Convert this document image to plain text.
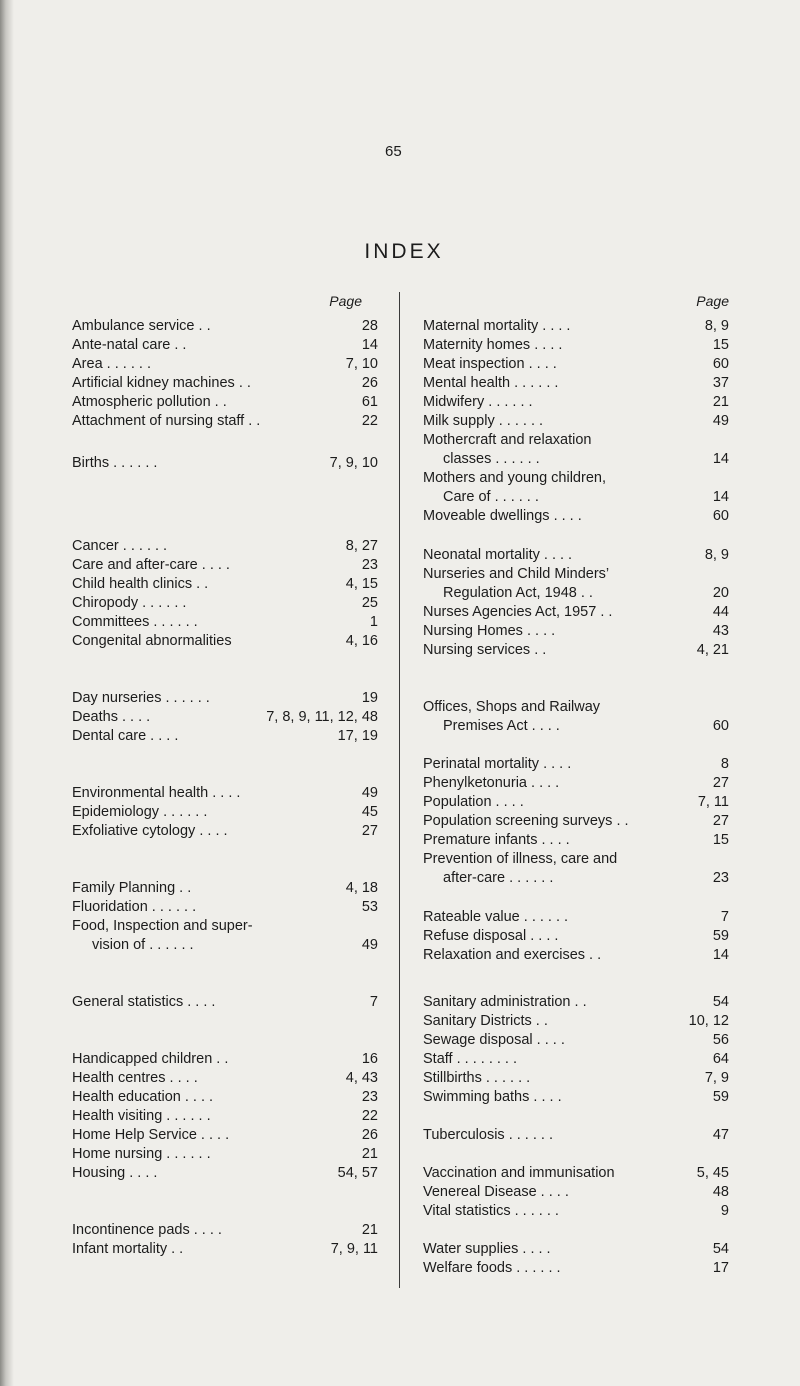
65
INDEX
Page
Ambulance service . .	28
Ante-natal care . .	14
Area . . . . . .	7, 10
Artificial kidney machines . .	26
Atmospheric pollution . .	61
Attachment of nursing staff . .	22
Births . . . . . .	7, 9, 10
Cancer . . . . . .	8, 27
Care and after-care . . . .	23
Child health clinics . .	4, 15
Chiropody . . . . . .	25
Committees . . . . . .	1
Congenital abnormalities	4, 16
Day nurseries . . . . . .	19
Deaths . . . .	7, 8, 9, 11, 12, 48
Dental care . . . .	17, 19
Environmental health . . . .	49
Epidemiology . . . . . .	45
Exfoliative cytology . . . .	27
Family Planning . .	4, 18
Fluoridation . . . . . .	53
Food, Inspection and super-
vision of . . . . . .	49
General statistics . . . .	7
Handicapped children . .	16
Health centres . . . .	4, 43
Health education . . . .	23
Health visiting . . . . . .	22
Home Help Service . . . .	26
Home nursing . . . . . .	21
Housing . . . .	54, 57
Incontinence pads . . . .	21
Infant mortality . .	7, 9, 11
Page
Maternal mortality . . . .	8, 9
Maternity homes . . . .	15
Meat inspection . . . .	60
Mental health . . . . . .	37
Midwifery . . . . . .	21
Milk supply . . . . . .	49
Mothercraft and relaxation
classes . . . . . .	14
Mothers and young children,
Care of . . . . . .	14
Moveable dwellings . . . .	60
Neonatal mortality . . . .	8, 9
Nurseries and Child Minders’
Regulation Act, 1948 . .	20
Nurses Agencies Act, 1957 . .	44
Nursing Homes . . . .	43
Nursing services . .	4, 21
Offices, Shops and Railway
Premises Act . . . .	60
Perinatal mortality . . . .	8
Phenylketonuria . . . .	27
Population . . . .	7, 11
Population screening surveys . .	27
Premature infants . . . .	15
Prevention of illness, care and
after-care . . . . . .	23
Rateable value . . . . . .	7
Refuse disposal . . . .	59
Relaxation and exercises . .	14
Sanitary administration . .	54
Sanitary Districts . .	10, 12
Sewage disposal . . . .	56
Staff . . . . . . . .	64
Stillbirths . . . . . .	7, 9
Swimming baths . . . .	59
Tuberculosis . . . . . .	47
Vaccination and immunisation	5, 45
Venereal Disease . . . .	48
Vital statistics . . . . . .	9
Water supplies . . . .	54
Welfare foods . . . . . .	17
